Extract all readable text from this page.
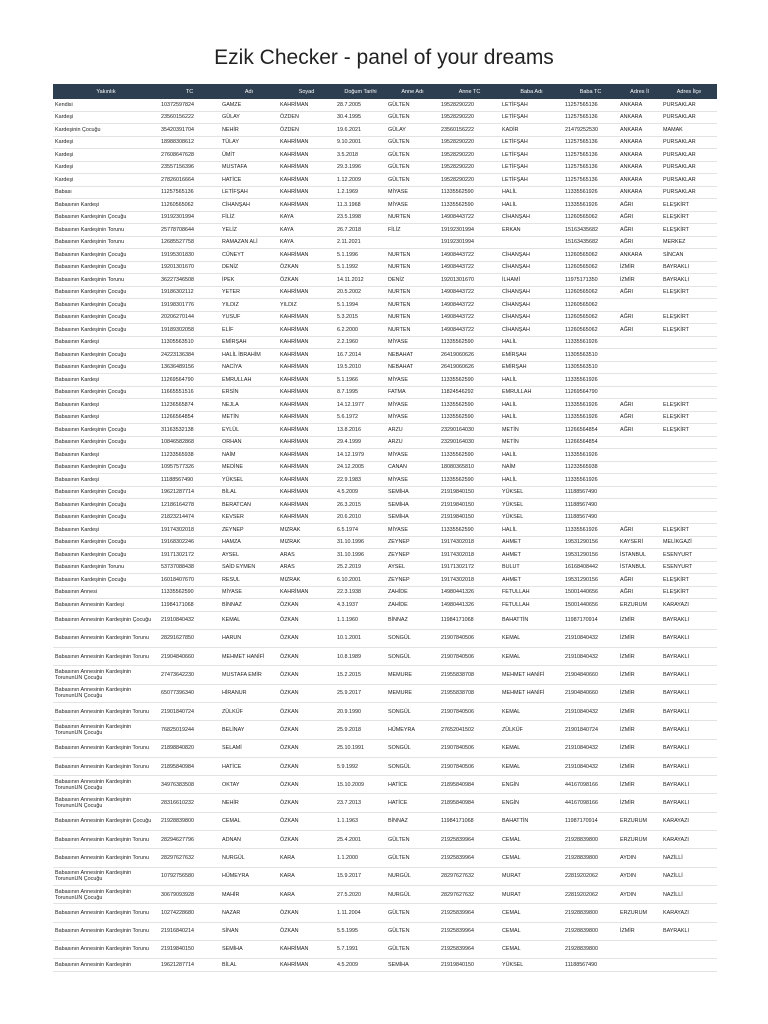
Ezik Checker - panel of your dreams
Yakınlık	TC	Adı	Soyad	Doğum Tarihi	Anne Adı	Anne TC	Baba Adı	Baba TC	Adres İl	Adres İlçe
Kendisi	10372597824	GAMZE	KAHRİMAN	28.7.2005	GÜLTEN	19528290220	LETİFŞAH	11257565136	ANKARA	PURSAKLAR
Kardeşi	23560156222	GÜLAY	ÖZDEN	30.4.1995	GÜLTEN	19528290220	LETİFŞAH	11257565136	ANKARA	PURSAKLAR
Kardeşinin Çocuğu	35420391704	NEHİR	ÖZDEN	19.6.2021	GÜLAY	23560156222	KADİR	21479252530	ANKARA	MAMAK
Kardeşi	18988308612	TÜLAY	KAHRİMAN	9.10.2001	GÜLTEN	19528290220	LETİFŞAH	11257565136	ANKARA	PURSAKLAR
Kardeşi	27608647628	ÜMİT	KAHRİMAN	3.5.2018	GÜLTEN	19528290220	LETİFŞAH	11257565136	ANKARA	PURSAKLAR
Kardeşi	23557156396	MUSTAFA	KAHRİMAN	29.3.1996	GÜLTEN	19528290220	LETİFŞAH	11257565136	ANKARA	PURSAKLAR
Kardeşi	27826016664	HATİCE	KAHRİMAN	1.12.2009	GÜLTEN	19528290220	LETİFŞAH	11257565136	ANKARA	PURSAKLAR
Babası	11257565136	LETİFŞAH	KAHRİMAN	1.2.1969	MİYASE	11335562590	HALİL	11335561926	ANKARA	PURSAKLAR
Babasının Kardeşi	11260565062	CİHANŞAH	KAHRİMAN	11.3.1968	MİYASE	11335562590	HALİL	11335561926	AĞRI	ELEŞKİRT
Babasının Kardeşinin Çocuğu	19192301994	FİLİZ	KAYA	23.5.1998	NURTEN	14908443722	CİHANŞAH	11260565062	AĞRI	ELEŞKİRT
Babasının Kardeşinin Torunu	25778708644	YELİZ	KAYA	26.7.2018	FİLİZ	19192301994	ERKAN	15163435682	AĞRI	ELEŞKİRT
Babasının Kardeşinin Torunu	12685527758	RAMAZAN ALİ	KAYA	2.11.2021		19192301994		15163435682	AĞRI	MERKEZ
Babasının Kardeşinin Çocuğu	19195301830	CÜNEYT	KAHRİMAN	5.1.1996	NURTEN	14908443722	CİHANŞAH	11260565062	ANKARA	SİNCAN
Babasının Kardeşinin Çocuğu	19201301670	DENİZ	ÖZKAN	5.1.1992	NURTEN	14908443722	CİHANŞAH	11260565062	İZMİR	BAYRAKLI
Babasının Kardeşinin Torunu	36227346508	İPEK	ÖZKAN	14.11.2012	DENİZ	19201301670	İLHAMİ	11975171350	İZMİR	BAYRAKLI
Babasının Kardeşinin Çocuğu	19186302112	YETER	KAHRİMAN	20.5.2002	NURTEN	14908443722	CİHANŞAH	11260565062	AĞRI	ELEŞKİRT
Babasının Kardeşinin Çocuğu	19198301776	YILDIZ	YILDIZ	5.1.1994	NURTEN	14908443722	CİHANŞAH	11260565062		
Babasının Kardeşinin Çocuğu	20206270144	YUSUF	KAHRİMAN	5.3.2015	NURTEN	14908443722	CİHANŞAH	11260565062	AĞRI	ELEŞKİRT
Babasının Kardeşinin Çocuğu	19189302058	ELİF	KAHRİMAN	6.2.2000	NURTEN	14908443722	CİHANŞAH	11260565062	AĞRI	ELEŞKİRT
Babasının Kardeşi	11305563510	EMİRŞAH	KAHRİMAN	2.2.1960	MİYASE	11335562590	HALİL	11335561926		
Babasının Kardeşinin Çocuğu	24223136384	HALİL İBRAHİM	KAHRİMAN	16.7.2014	NEBAHAT	26419060626	EMİRŞAH	11305563510		
Babasının Kardeşinin Çocuğu	13636489156	NACİYA	KAHRİMAN	19.5.2010	NEBAHAT	26419060626	EMİRŞAH	11305563510		
Babasının Kardeşi	11269564790	EMRULLAH	KAHRİMAN	5.1.1966	MİYASE	11335562590	HALİL	11335561926		
Babasının Kardeşinin Çocuğu	11665551516	ERSİN	KAHRİMAN	8.7.1995	FATMA	11824546292	EMRULLAH	11269564790		
Babasının Kardeşi	11236565874	NEJLA	KAHRİMAN	14.12.1977	MİYASE	11335562590	HALİL	11335561926	AĞRI	ELEŞKİRT
Babasının Kardeşi	11266564854	METİN	KAHRİMAN	5.6.1972	MİYASE	11335562590	HALİL	11335561926	AĞRI	ELEŞKİRT
Babasının Kardeşinin Çocuğu	31163532138	EYLÜL	KAHRİMAN	13.8.2016	ARZU	23290164030	METİN	11266564854	AĞRI	ELEŞKİRT
Babasının Kardeşinin Çocuğu	10846582868	ORHAN	KAHRİMAN	29.4.1999	ARZU	23290164030	METİN	11266564854		
Babasının Kardeşi	11233565938	NAİM	KAHRİMAN	14.12.1979	MİYASE	11335562590	HALİL	11335561926		
Babasının Kardeşinin Çocuğu	10957577326	MEDİNE	KAHRİMAN	24.12.2005	CANAN	18080365810	NAİM	11233565938		
Babasının Kardeşi	11188567490	YÜKSEL	KAHRİMAN	22.9.1983	MİYASE	11335562590	HALİL	11335561926		
Babasının Kardeşinin Çocuğu	19621287714	BİLAL	KAHRİMAN	4.5.2009	SEMİHA	21919840150	YÜKSEL	11188567490		
Babasının Kardeşinin Çocuğu	12186164278	BERATCAN	KAHRİMAN	26.3.2015	SEMİHA	21919840150	YÜKSEL	11188567490		
Babasının Kardeşinin Çocuğu	21823214474	KEVSER	KAHRİMAN	20.6.2010	SEMİHA	21919840150	YÜKSEL	11188567490		
Babasının Kardeşi	19174302018	ZEYNEP	MIZRAK	6.5.1974	MİYASE	11335562590	HALİL	11335561926	AĞRI	ELEŞKİRT
Babasının Kardeşinin Çocuğu	19168302246	HAMZA	MIZRAK	31.10.1996	ZEYNEP	19174302018	AHMET	19531290156	KAYSERİ	MELİKGAZİ
Babasının Kardeşinin Çocuğu	19171302172	AYSEL	ARAS	31.10.1996	ZEYNEP	19174302018	AHMET	19531290156	İSTANBUL	ESENYURT
Babasının Kardeşinin Torunu	53737088438	SAİD EYMEN	ARAS	25.2.2019	AYSEL	19171302172	BULUT	16168408442	İSTANBUL	ESENYURT
Babasının Kardeşinin Çocuğu	16018407670	RESUL	MIZRAK	6.10.2001	ZEYNEP	19174302018	AHMET	19531290156	AĞRI	ELEŞKİRT
Babasının Annesi	11335562590	MİYASE	KAHRİMAN	22.3.1938	ZAHİDE	14980441326	FETULLAH	15001440656	AĞRI	ELEŞKİRT
Babasının Annesinin Kardeşi	11984171068	BİNNAZ	ÖZKAN	4.3.1937	ZAHİDE	14980441326	FETULLAH	15001440656	ERZURUM	KARAYAZI
Babasının Annesinin Kardeşinin Çocuğu	21910840432	KEMAL	ÖZKAN	1.1.1960	BİNNAZ	11984171068	BAHATTİN	11987170914	İZMİR	BAYRAKLI
Babasının Annesinin Kardeşinin Torunu	28291627850	HARUN	ÖZKAN	10.1.2001	SONGÜL	21907840506	KEMAL	21910840432	İZMİR	BAYRAKLI
Babasının Annesinin Kardeşinin Torunu	21904840660	MEHMET HANİFİ	ÖZKAN	10.8.1989	SONGÜL	21907840506	KEMAL	21910840432	İZMİR	BAYRAKLI
Babasının Annesinin Kardeşinin TorununUN Çocuğu	27473642230	MUSTAFA EMİR	ÖZKAN	15.2.2015	MEMURE	21955838708	MEHMET HANİFİ	21904840660	İZMİR	BAYRAKLI
Babasının Annesinin Kardeşinin TorununUN Çocuğu	65077396340	HİRANUR	ÖZKAN	25.9.2017	MEMURE	21955838708	MEHMET HANİFİ	21904840660	İZMİR	BAYRAKLI
Babasının Annesinin Kardeşinin Torunu	21901840724	ZÜLKÜF	ÖZKAN	20.9.1990	SONGÜL	21907840506	KEMAL	21910840432	İZMİR	BAYRAKLI
Babasının Annesinin Kardeşinin TorununUN Çocuğu	76825019244	BELİNAY	ÖZKAN	25.9.2018	HÜMEYRA	27652041502	ZÜLKÜF	21901840724	İZMİR	BAYRAKLI
Babasının Annesinin Kardeşinin Torunu	21898840820	SELAMİ	ÖZKAN	25.10.1991	SONGÜL	21907840506	KEMAL	21910840432	İZMİR	BAYRAKLI
Babasının Annesinin Kardeşinin Torunu	21895840984	HATİCE	ÖZKAN	5.9.1992	SONGÜL	21907840506	KEMAL	21910840432	İZMİR	BAYRAKLI
Babasının Annesinin Kardeşinin TorununUN Çocuğu	34976383508	OKTAY	ÖZKAN	15.10.2009	HATİCE	21895840984	ENGİN	44167098166	İZMİR	BAYRAKLI
Babasının Annesinin Kardeşinin TorununUN Çocuğu	28316610232	NEHİR	ÖZKAN	23.7.2013	HATİCE	21895840984	ENGİN	44167098166	İZMİR	BAYRAKLI
Babasının Annesinin Kardeşinin Çocuğu	21928839800	CEMAL	ÖZKAN	1.1.1963	BİNNAZ	11984171068	BAHATTİN	11987170914	ERZURUM	KARAYAZI
Babasının Annesinin Kardeşinin Torunu	28294627796	ADNAN	ÖZKAN	25.4.2001	GÜLTEN	21925839964	CEMAL	21928839800	ERZURUM	KARAYAZI
Babasının Annesinin Kardeşinin Torunu	28297627632	NURGÜL	KARA	1.1.2000	GÜLTEN	21925839964	CEMAL	21928839800	AYDIN	NAZİLLİ
Babasının Annesinin Kardeşinin TorununUN Çocuğu	10792756580	HÜMEYRA	KARA	15.9.2017	NURGÜL	28297627632	MURAT	22819202062	AYDIN	NAZİLLİ
Babasının Annesinin Kardeşinin TorununUN Çocuğu	30679093928	MAHİR	KARA	27.5.2020	NURGÜL	28297627632	MURAT	22819202062	AYDIN	NAZİLLİ
Babasının Annesinin Kardeşinin Torunu	10274228680	NAZAR	ÖZKAN	1.11.2004	GÜLTEN	21925839964	CEMAL	21928839800	ERZURUM	KARAYAZI
Babasının Annesinin Kardeşinin Torunu	21916840214	SİNAN	ÖZKAN	5.5.1995	GÜLTEN	21925839964	CEMAL	21928839800	İZMİR	BAYRAKLI
Babasının Annesinin Kardeşinin Torunu	21919840150	SEMİHA	KAHRİMAN	5.7.1991	GÜLTEN	21925839964	CEMAL	21928839800		
Babasının Annesinin Kardeşinin	19621287714	BİLAL	KAHRİMAN	4.5.2009	SEMİHA	21919840150	YÜKSEL	11188567490		
